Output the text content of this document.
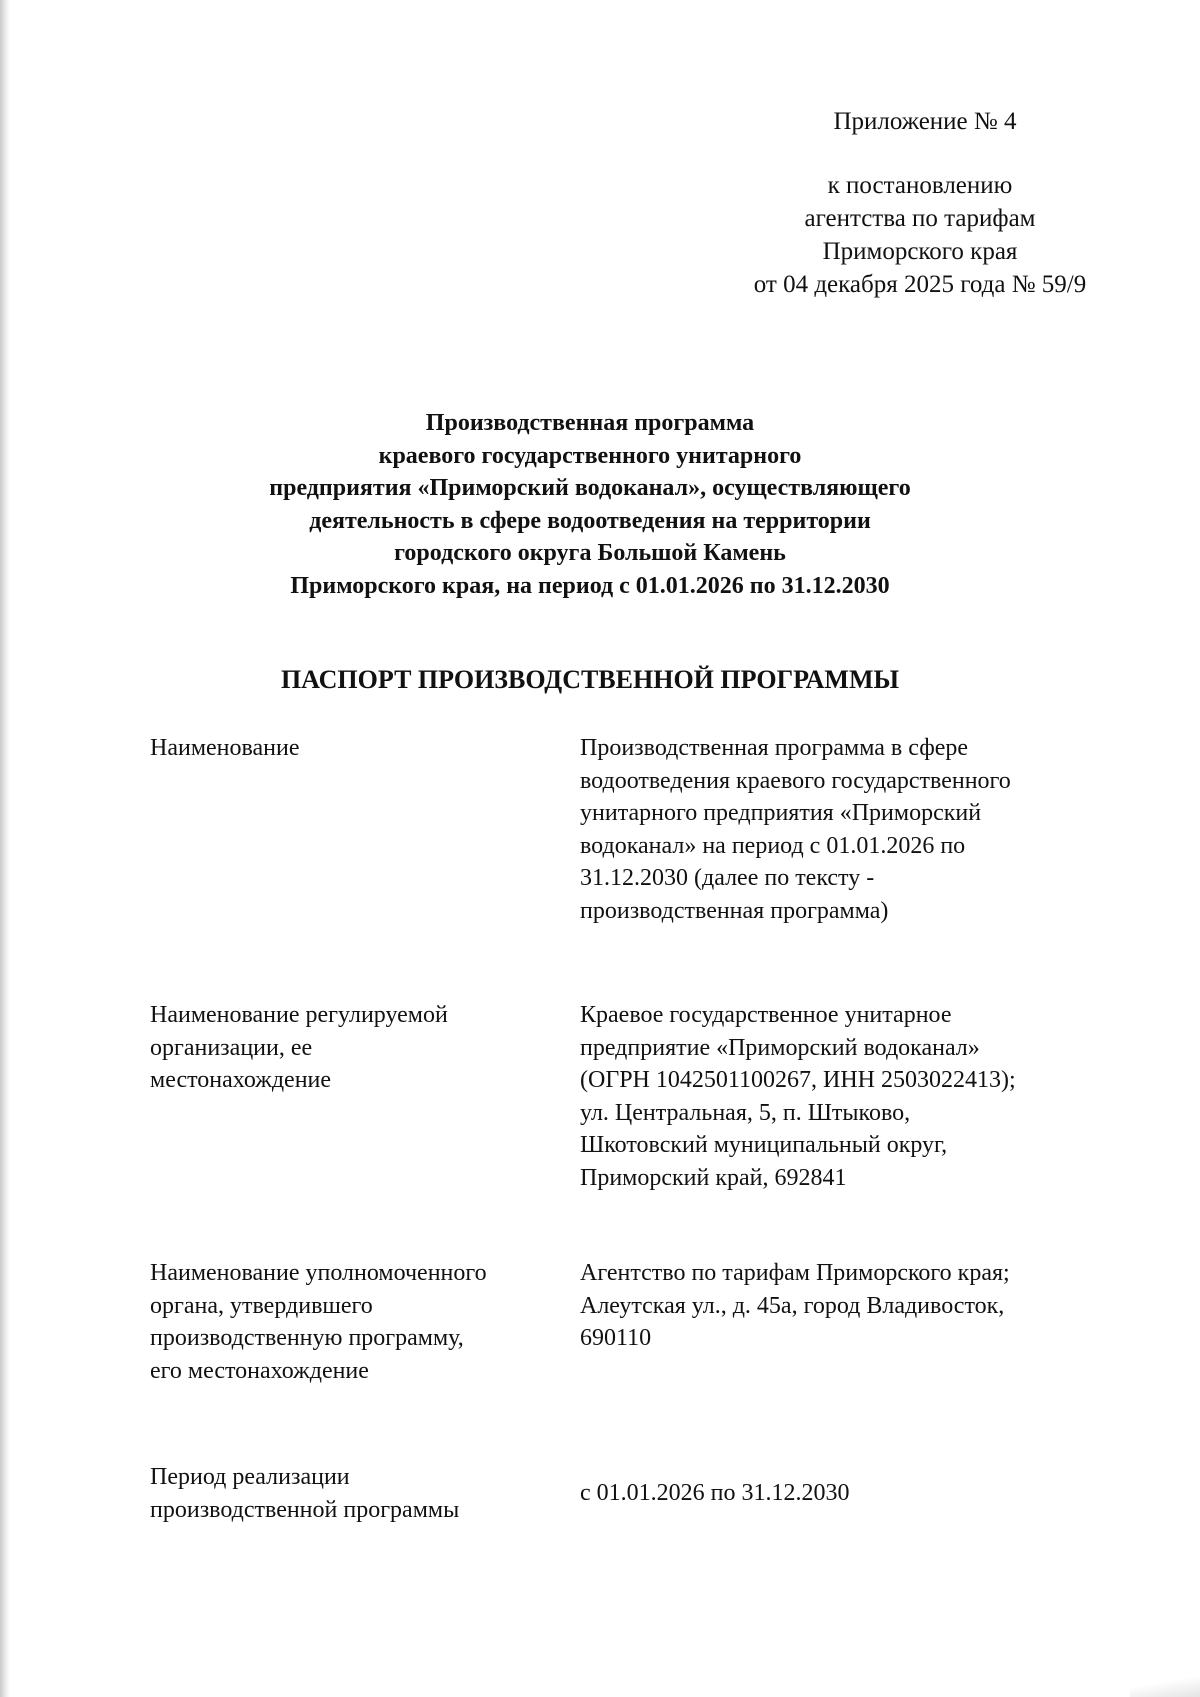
Приложение № 4
к постановлению
агентства по тарифам
Приморского края
от 04 декабря 2025 года № 59/9
Производственная программа
краевого государственного унитарного
предприятия «Приморский водоканал», осуществляющего
деятельность в сфере водоотведения на территории
городского округа Большой Камень
Приморского края, на период с 01.01.2026 по 31.12.2030
ПАСПОРТ ПРОИЗВОДСТВЕННОЙ ПРОГРАММЫ
Наименование	Производственная программа в сфере
водоотведения краевого государственного
унитарного предприятия «Приморский
водоканал» на период с 01.01.2026 по
31.12.2030 (далее по тексту -
производственная программа)
Наименование регулируемой
организации, ее
местонахождение
Краевое государственное унитарное
предприятие «Приморский водоканал»
(ОГРН 1042501100267, ИНН 2503022413);
ул. Центральная, 5, п. Штыково,
Шкотовский муниципальный округ,
Приморский край, 692841
Наименование уполномоченного
органа, утвердившего
производственную программу,
его местонахождение
Агентство по тарифам Приморского края;
Алеутская ул., д. 45а, город Владивосток,
690110
Период реализации
производственной программы
с 01.01.2026 по 31.12.2030
